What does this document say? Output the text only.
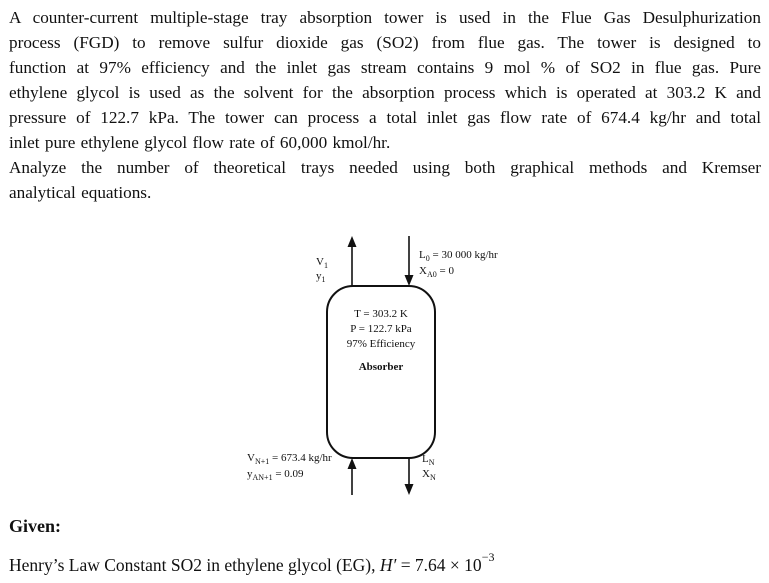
A counter-current multiple-stage tray absorption tower is used in the Flue Gas Desulphurization
process (FGD) to remove sulfur dioxide gas (SO2) from flue gas. The tower is designed to
function at 97% efficiency and the inlet gas stream contains 9 mol % of SO2 in flue gas. Pure
ethylene glycol is used as the solvent for the absorption process which is operated at 303.2 K and
pressure of 122.7 kPa. The tower can process a total inlet gas flow rate of 674.4 kg/hr and total
inlet pure ethylene glycol flow rate of 60,000 kmol/hr.
Analyze the number of theoretical trays needed using both graphical methods and Kremser
analytical equations.
$V_1$
$y_1$
$L_0 = 30$ 000 kg/hr
$X_{A0} = 0$
T = 303.2 K
P = 122.7 kPa
97% Efficiency
Absorber
$V_{N+1} = 673.4$ kg/hr
$y_{AN+1} = 0.09$
$L_N$
$X_N$
Given:
Henry’s Law Constant SO2 in ethylene glycol (EG), $H' = 7.64 \times 10^{-3}$
